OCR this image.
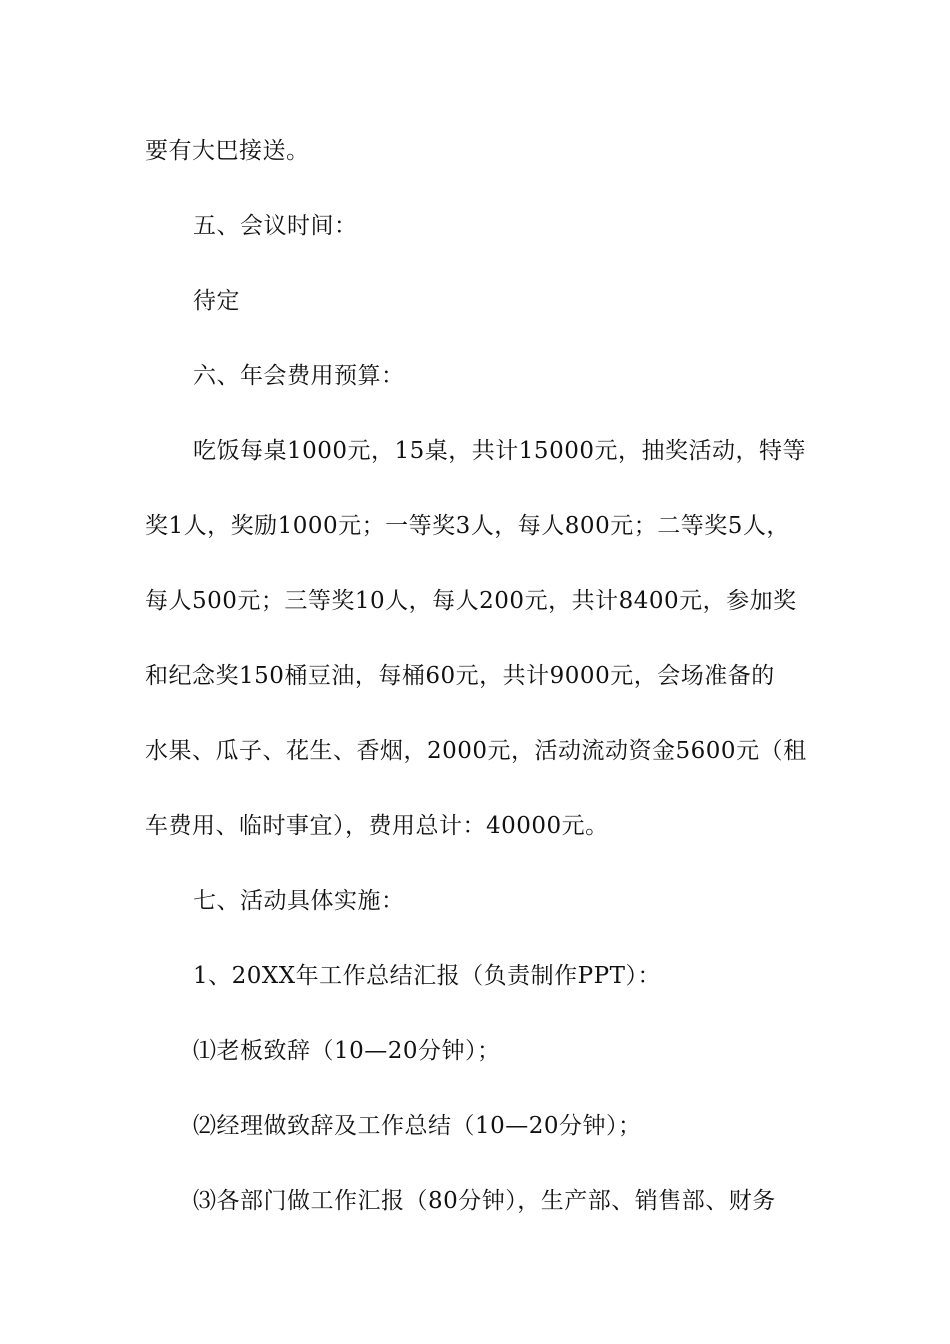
要有大巴接送。
五、会议时间：
待定
六、年会费用预算：
吃饭每桌1000元，15桌，共计15000元，抽奖活动，特等
奖1人，奖励1000元；一等奖3人，每人800元；二等奖5人，
每人500元；三等奖10人，每人200元，共计8400元，参加奖
和纪念奖150桶豆油，每桶60元，共计9000元，会场准备的
水果、瓜子、花生、香烟，2000元，活动流动资金5600元（租
车费用、临时事宜），费用总计：40000元。
七、活动具体实施：
1、20XX年工作总结汇报（负责制作PPT）：
⑴老板致辞（10—20分钟）；
⑵经理做致辞及工作总结（10—20分钟）；
⑶各部门做工作汇报（80分钟），生产部、销售部、财务
